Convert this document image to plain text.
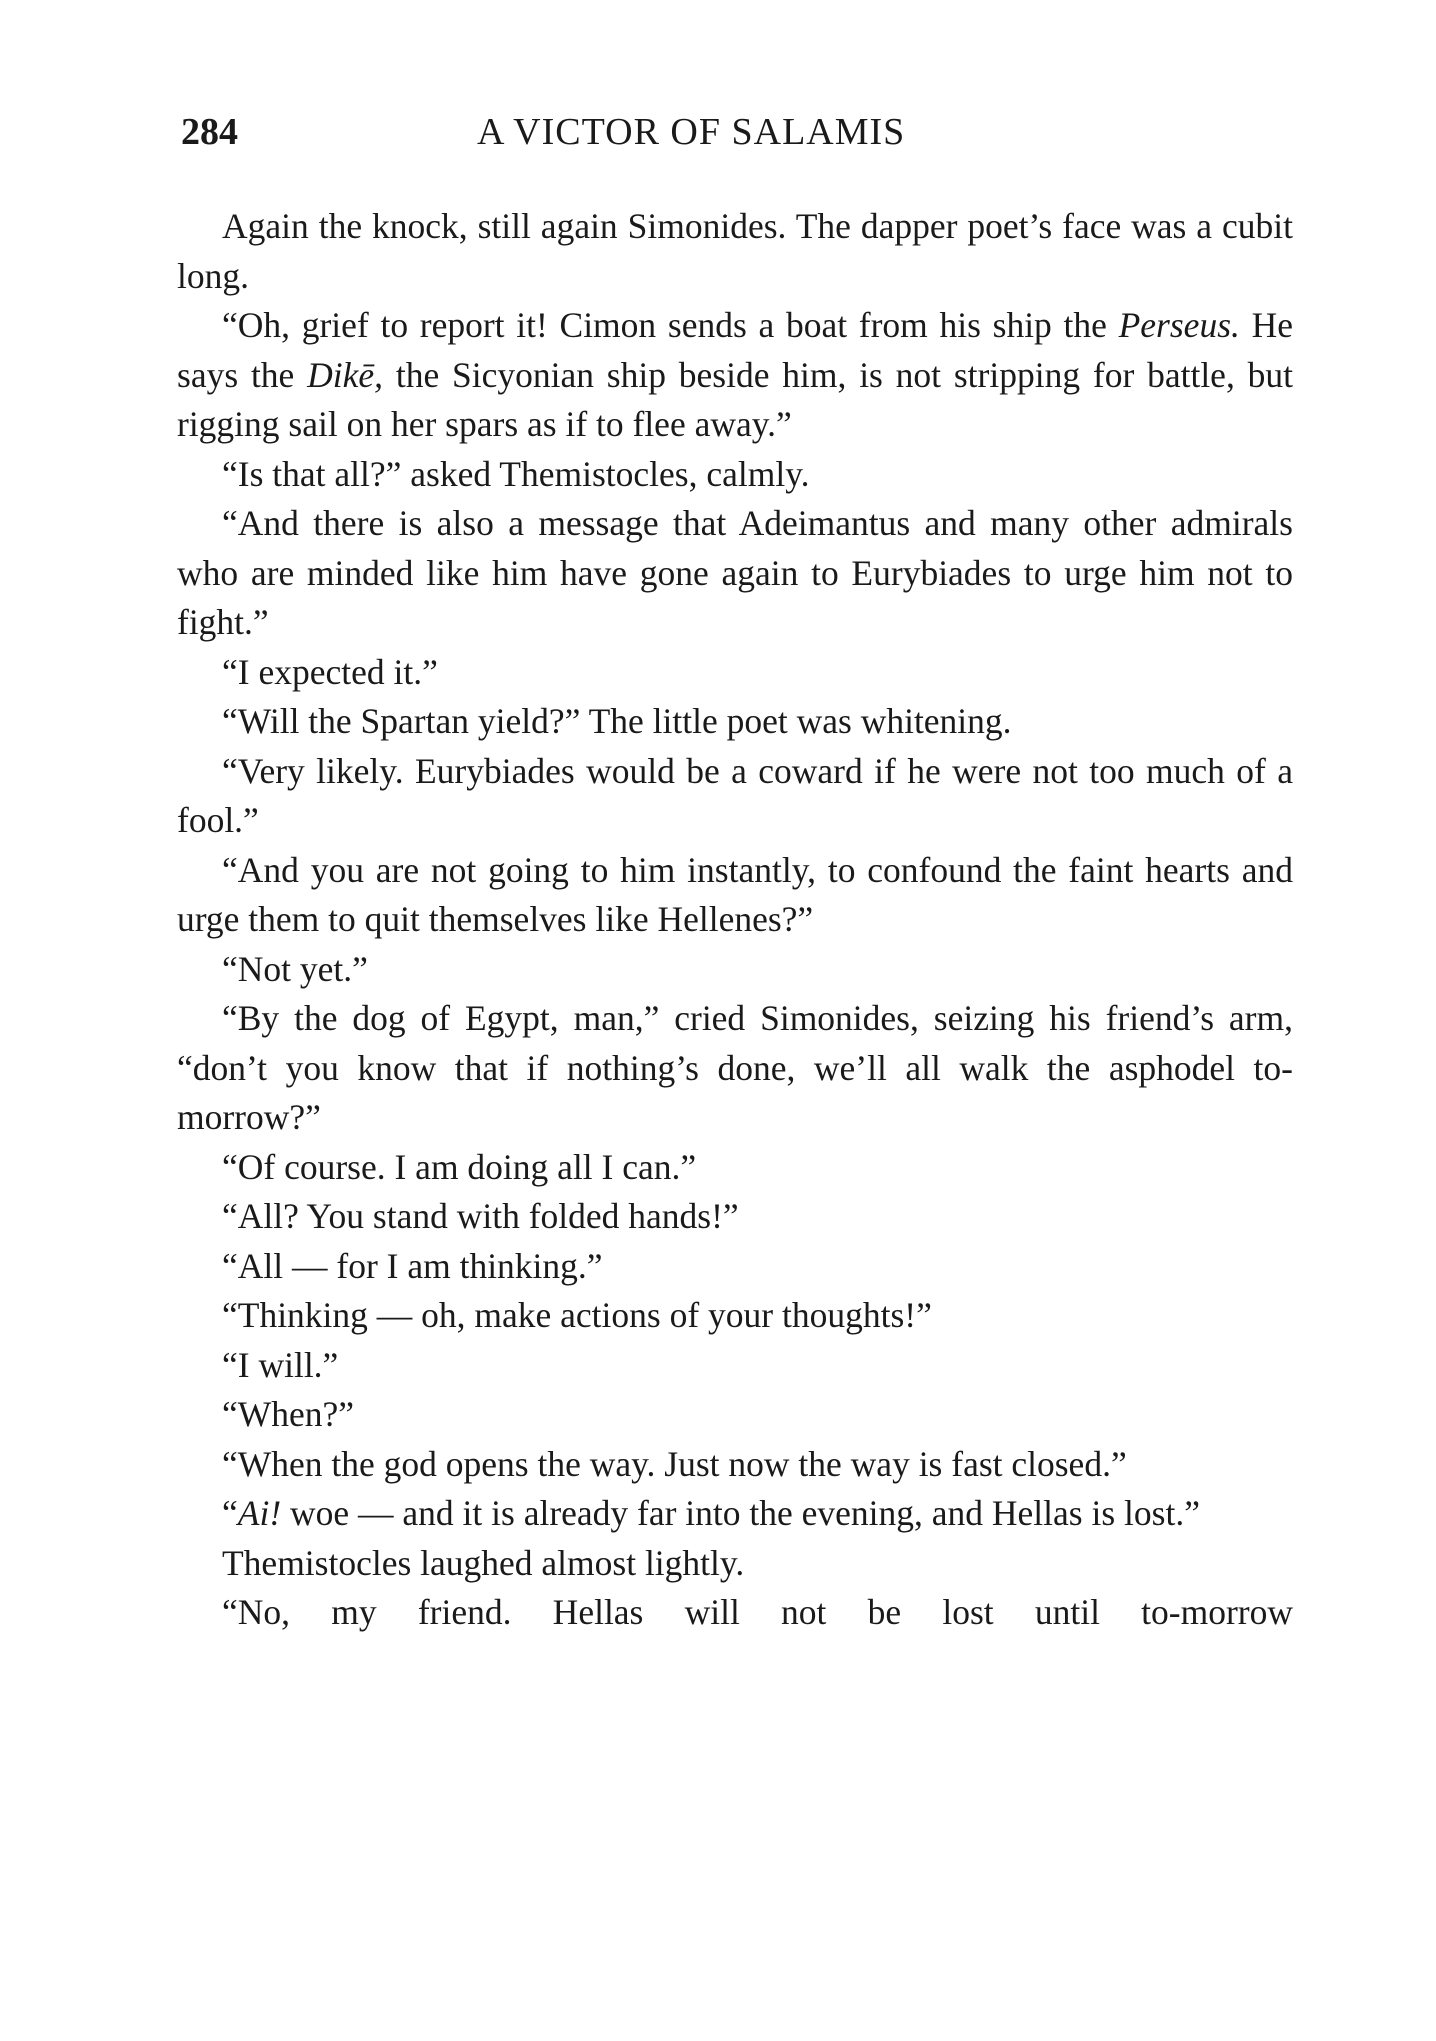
284	A VICTOR OF SALAMIS

Again the knock, still again Simonides. The dapper poet’s face was a cubit long.

“Oh, grief to report it! Cimon sends a boat from his ship the Perseus. He says the Dikē, the Sicyonian ship beside him, is not stripping for battle, but rigging sail on her spars as if to flee away.”

“Is that all?” asked Themistocles, calmly.

“And there is also a message that Adeimantus and many other admirals who are minded like him have gone again to Eurybiades to urge him not to fight.”

“I expected it.”

“Will the Spartan yield?” The little poet was whitening.

“Very likely. Eurybiades would be a coward if he were not too much of a fool.”

“And you are not going to him instantly, to confound the faint hearts and urge them to quit themselves like Hellenes?”

“Not yet.”

“By the dog of Egypt, man,” cried Simonides, seizing his friend’s arm, “don’t you know that if nothing’s done, we’ll all walk the asphodel to-morrow?”

“Of course. I am doing all I can.”

“All? You stand with folded hands!”

“All — for I am thinking.”

“Thinking — oh, make actions of your thoughts!”

“I will.”

“When?”

“When the god opens the way. Just now the way is fast closed.”

“Ai! woe — and it is already far into the evening, and Hellas is lost.”

Themistocles laughed almost lightly.

“No, my friend. Hellas will not be lost until to-morrow
